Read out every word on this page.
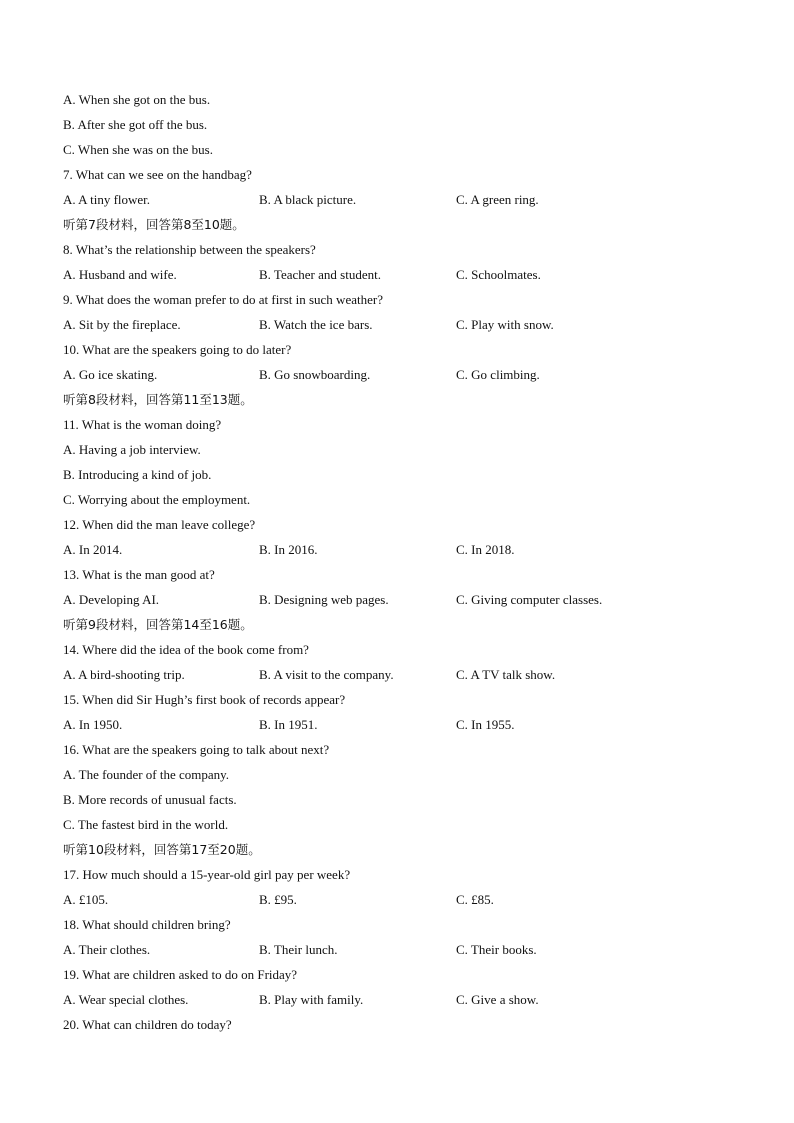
A. When she got on the bus.
B. After she got off the bus.
C. When she was on the bus.
7. What can we see on the handbag?
A. A tiny flower.	B. A black picture.	C. A green ring.
听第7段材料，回答第8至10题。
8. What’s the relationship between the speakers?
A. Husband and wife.	B. Teacher and student.	C. Schoolmates.
9. What does the woman prefer to do at first in such weather?
A. Sit by the fireplace.	B. Watch the ice bars.	C. Play with snow.
10. What are the speakers going to do later?
A. Go ice skating.	B. Go snowboarding.	C. Go climbing.
听第8段材料，回答第11至13题。
11. What is the woman doing?
A. Having a job interview.
B. Introducing a kind of job.
C. Worrying about the employment.
12. When did the man leave college?
A. In 2014.	B. In 2016.	C. In 2018.
13. What is the man good at?
A. Developing AI.	B. Designing web pages.	C. Giving computer classes.
听第9段材料，回答第14至16题。
14. Where did the idea of the book come from?
A. A bird-shooting trip.	B. A visit to the company.	C. A TV talk show.
15. When did Sir Hugh’s first book of records appear?
A. In 1950.	B. In 1951.	C. In 1955.
16. What are the speakers going to talk about next?
A. The founder of the company.
B. More records of unusual facts.
C. The fastest bird in the world.
听第10段材料，回答第17至20题。
17. How much should a 15-year-old girl pay per week?
A. £105.	B. £95.	C. £85.
18. What should children bring?
A. Their clothes.	B. Their lunch.	C. Their books.
19. What are children asked to do on Friday?
A. Wear special clothes.	B. Play with family.	C. Give a show.
20. What can children do today?
